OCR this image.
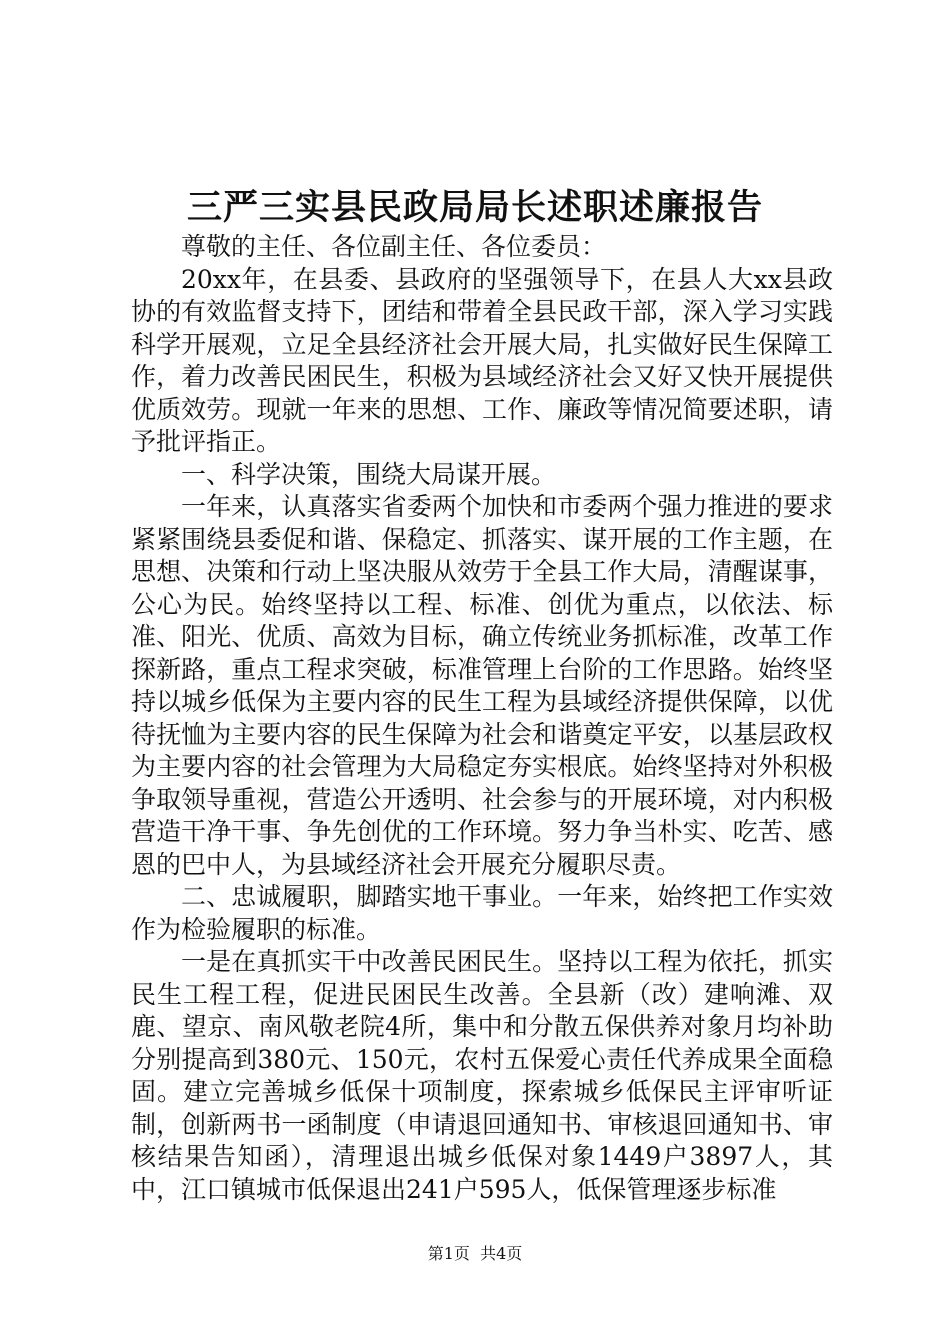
三严三实县民政局局长述职述廉报告

尊敬的主任、各位副主任、各位委员：

20xx年，在县委、县政府的坚强领导下，在县人大xx县政协的有效监督支持下，团结和带着全县民政干部，深入学习实践科学开展观，立足全县经济社会开展大局，扎实做好民生保障工作，着力改善民困民生，积极为县域经济社会又好又快开展提供优质效劳。现就一年来的思想、工作、廉政等情况简要述职，请予批评指正。

一、科学决策，围绕大局谋开展。

一年来，认真落实省委两个加快和市委两个强力推进的要求紧紧围绕县委促和谐、保稳定、抓落实、谋开展的工作主题，在思想、决策和行动上坚决服从效劳于全县工作大局，清醒谋事，公心为民。始终坚持以工程、标准、创优为重点，以依法、标准、阳光、优质、高效为目标，确立传统业务抓标准，改革工作探新路，重点工程求突破，标准管理上台阶的工作思路。始终坚持以城乡低保为主要内容的民生工程为县域经济提供保障，以优待抚恤为主要内容的民生保障为社会和谐奠定平安，以基层政权为主要内容的社会管理为大局稳定夯实根底。始终坚持对外积极争取领导重视，营造公开透明、社会参与的开展环境，对内积极营造干净干事、争先创优的工作环境。努力争当朴实、吃苦、感恩的巴中人，为县域经济社会开展充分履职尽责。

二、忠诚履职，脚踏实地干事业。一年来，始终把工作实效作为检验履职的标准。

一是在真抓实干中改善民困民生。坚持以工程为依托，抓实民生工程工程，促进民困民生改善。全县新（改）建响滩、双鹿、望京、南风敬老院4所，集中和分散五保供养对象月均补助分别提高到380元、150元，农村五保爱心责任代养成果全面稳固。建立完善城乡低保十项制度，探索城乡低保民主评审听证制，创新两书一函制度（申请退回通知书、审核退回通知书、审核结果告知函），清理退出城乡低保对象1449户3897人，其中，江口镇城市低保退出241户595人，低保管理逐步标准

第1页 共4页
